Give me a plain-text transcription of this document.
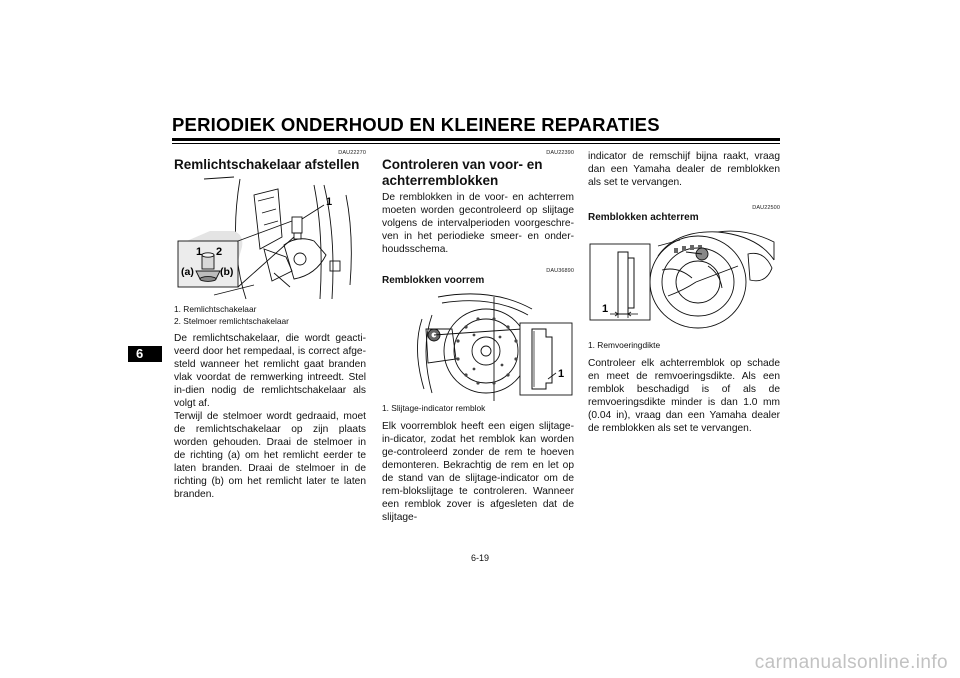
PERIODIEK ONDERHOUD EN KLEINERE REPARATIES
6
DAU22270
Remlichtschakelaar afstellen
1 2
(a) (b)
1
1. Remlichtschakelaar
2. Stelmoer remlichtschakelaar

De remlichtschakelaar, die wordt geacti-veerd door het rempedaal, is correct afge-steld wanneer het remlicht gaat branden vlak voordat de remwerking intreedt. Stel in-dien nodig de remlichtschakelaar als volgt af.

Terwijl de stelmoer wordt gedraaid, moet de remlichtschakelaar op zijn plaats worden gehouden. Draai de stelmoer in de richting (a) om het remlicht eerder te laten branden. Draai de stelmoer in de richting (b) om het remlicht later te laten branden.

DAU22390
Controleren van voor- en achterremblokken

De remblokken in de voor- en achterrem moeten worden gecontroleerd op slijtage volgens de intervalperioden voorgeschre-ven in het periodieke smeer- en onder-houdsschema.

DAU36890
Remblokken voorrem
1
1. Slijtage-indicator remblok

Elk voorremblok heeft een eigen slijtage-in-dicator, zodat het remblok kan worden ge-controleerd zonder de rem te hoeven demonteren. Bekrachtig de rem en let op de stand van de slijtage-indicator om de rem-blokslijtage te controleren. Wanneer een remblok zover is afgesleten dat de slijtage-

indicator de remschijf bijna raakt, vraag dan een Yamaha dealer de remblokken als set te vervangen.

DAU22500
Remblokken achterrem
1
1. Remvoeringdikte

Controleer elk achterremblok op schade en meet de remvoeringsdikte. Als een remblok beschadigd is of als de remvoeringsdikte minder is dan 1.0 mm (0.04 in), vraag dan een Yamaha dealer de remblokken als set te vervangen.

6-19
carmanualsonline.info
